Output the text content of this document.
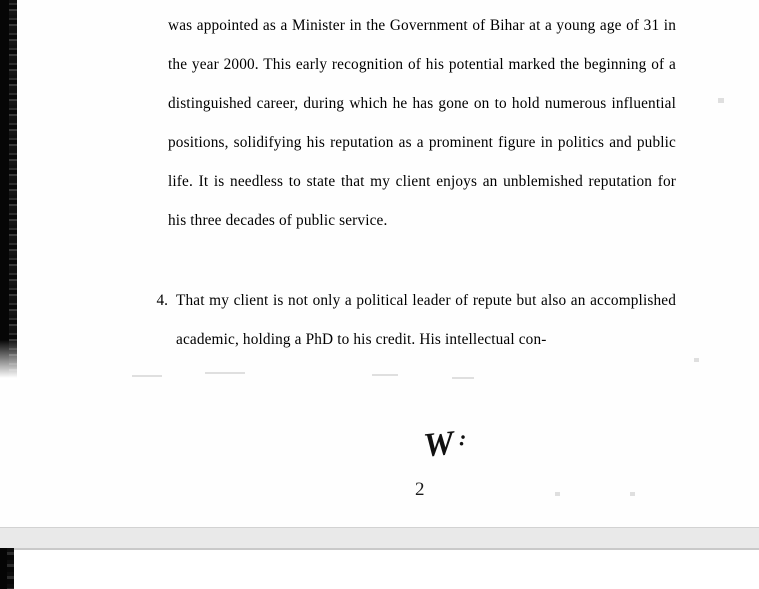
was appointed as a Minister in the Government of Bihar at a young age of 31 in the year 2000. This early recognition of his potential marked the beginning of a distinguished career, during which he has gone on to hold numerous influential positions, solidifying his reputation as a prominent figure in politics and public life. It is needless to state that my client enjoys an unblemished reputation for his three decades of public service.
4. That my client is not only a political leader of repute but also an accomplished academic, holding a PhD to his credit. His intellectual con-
W :
2
